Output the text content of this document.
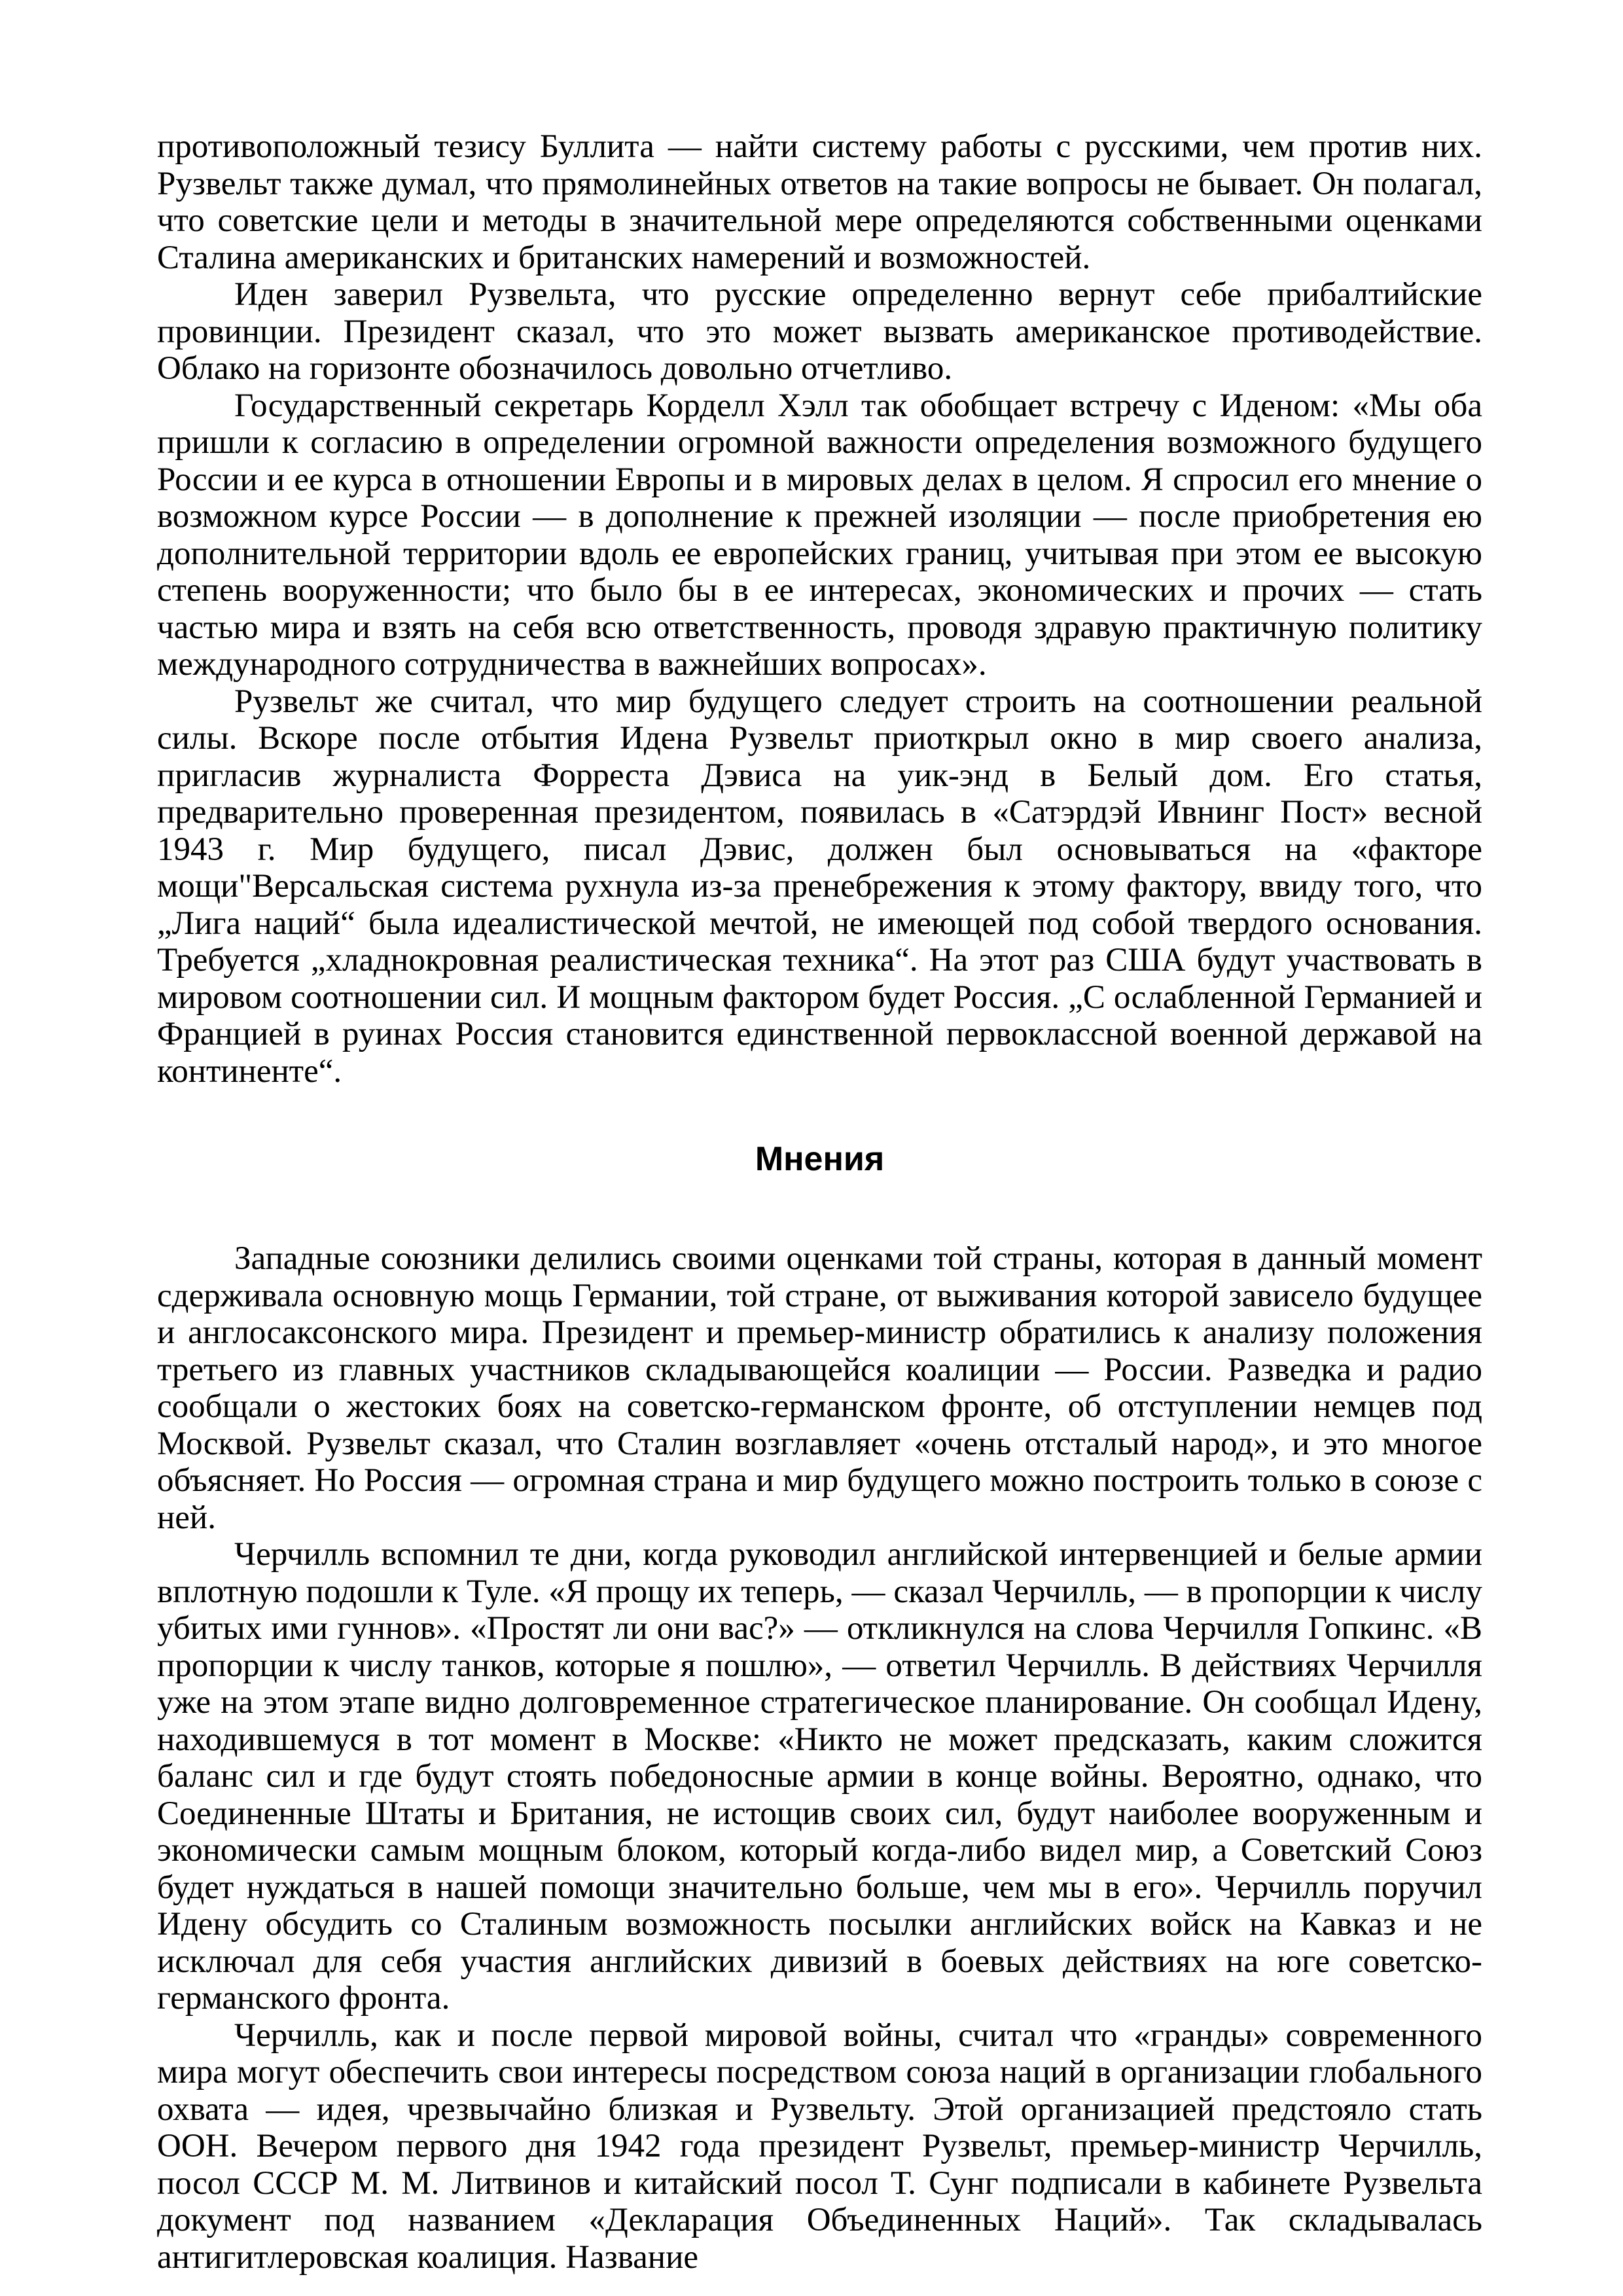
противоположный тезису Буллита — найти систему работы с русскими, чем против них. Рузвельт также думал, что прямолинейных ответов на такие вопросы не бывает. Он полагал, что советские цели и методы в значительной мере определяются собственными оценками Сталина американских и британских намерений и возможностей.

Иден заверил Рузвельта, что русские определенно вернут себе прибалтийские провинции. Президент сказал, что это может вызвать американское противодействие. Облако на горизонте обозначилось довольно отчетливо.

Государственный секретарь Корделл Хэлл так обобщает встречу с Иденом: «Мы оба пришли к согласию в определении огромной важности определения возможного будущего России и ее курса в отношении Европы и в мировых делах в целом. Я спросил его мнение о возможном курсе России — в дополнение к прежней изоляции — после приобретения ею дополнительной территории вдоль ее европейских границ, учитывая при этом ее высокую степень вооруженности; что было бы в ее интересах, экономических и прочих — стать частью мира и взять на себя всю ответственность, проводя здравую практичную политику международного сотрудничества в важнейших вопросах».

Рузвельт же считал, что мир будущего следует строить на соотношении реальной силы. Вскоре после отбытия Идена Рузвельт приоткрыл окно в мир своего анализа, пригласив журналиста Форреста Дэвиса на уик-энд в Белый дом. Его статья, предварительно проверенная президентом, появилась в «Сатэрдэй Ивнинг Пост» весной 1943 г. Мир будущего, писал Дэвис, должен был основываться на «факторе мощи"Версальская система рухнула из-за пренебрежения к этому фактору, ввиду того, что „Лига наций“ была идеалистической мечтой, не имеющей под собой твердого основания. Требуется „хладнокровная реалистическая техника“. На этот раз США будут участвовать в мировом соотношении сил. И мощным фактором будет Россия. „С ослабленной Германией и Францией в руинах Россия становится единственной первоклассной военной державой на континенте“.

Мнения

Западные союзники делились своими оценками той страны, которая в данный момент сдерживала основную мощь Германии, той стране, от выживания которой зависело будущее и англосаксонского мира. Президент и премьер-министр обратились к анализу положения третьего из главных участников складывающейся коалиции — России. Разведка и радио сообщали о жестоких боях на советско-германском фронте, об отступлении немцев под Москвой. Рузвельт сказал, что Сталин возглавляет «очень отсталый народ», и это многое объясняет. Но Россия — огромная страна и мир будущего можно построить только в союзе с ней.

Черчилль вспомнил те дни, когда руководил английской интервенцией и белые армии вплотную подошли к Туле. «Я прощу их теперь, — сказал Черчилль, — в пропорции к числу убитых ими гуннов». «Простят ли они вас?» — откликнулся на слова Черчилля Гопкинс. «В пропорции к числу танков, которые я пошлю», — ответил Черчилль. В действиях Черчилля уже на этом этапе видно долговременное стратегическое планирование. Он сообщал Идену, находившемуся в тот момент в Москве: «Никто не может предсказать, каким сложится баланс сил и где будут стоять победоносные армии в конце войны. Вероятно, однако, что Соединенные Штаты и Британия, не истощив своих сил, будут наиболее вооруженным и экономически самым мощным блоком, который когда-либо видел мир, а Советский Союз будет нуждаться в нашей помощи значительно больше, чем мы в его». Черчилль поручил Идену обсудить со Сталиным возможность посылки английских войск на Кавказ и не исключал для себя участия английских дивизий в боевых действиях на юге советско-германского фронта.

Черчилль, как и после первой мировой войны, считал что «гранды» современного мира могут обеспечить свои интересы посредством союза наций в организации глобального охвата — идея, чрезвычайно близкая и Рузвельту. Этой организацией предстояло стать ООН. Вечером первого дня 1942 года президент Рузвельт, премьер-министр Черчилль, посол СССР М. М. Литвинов и китайский посол Т. Сунг подписали в кабинете Рузвельта документ под названием «Декларация Объединенных Наций». Так складывалась антигитлеровская коалиция. Название
